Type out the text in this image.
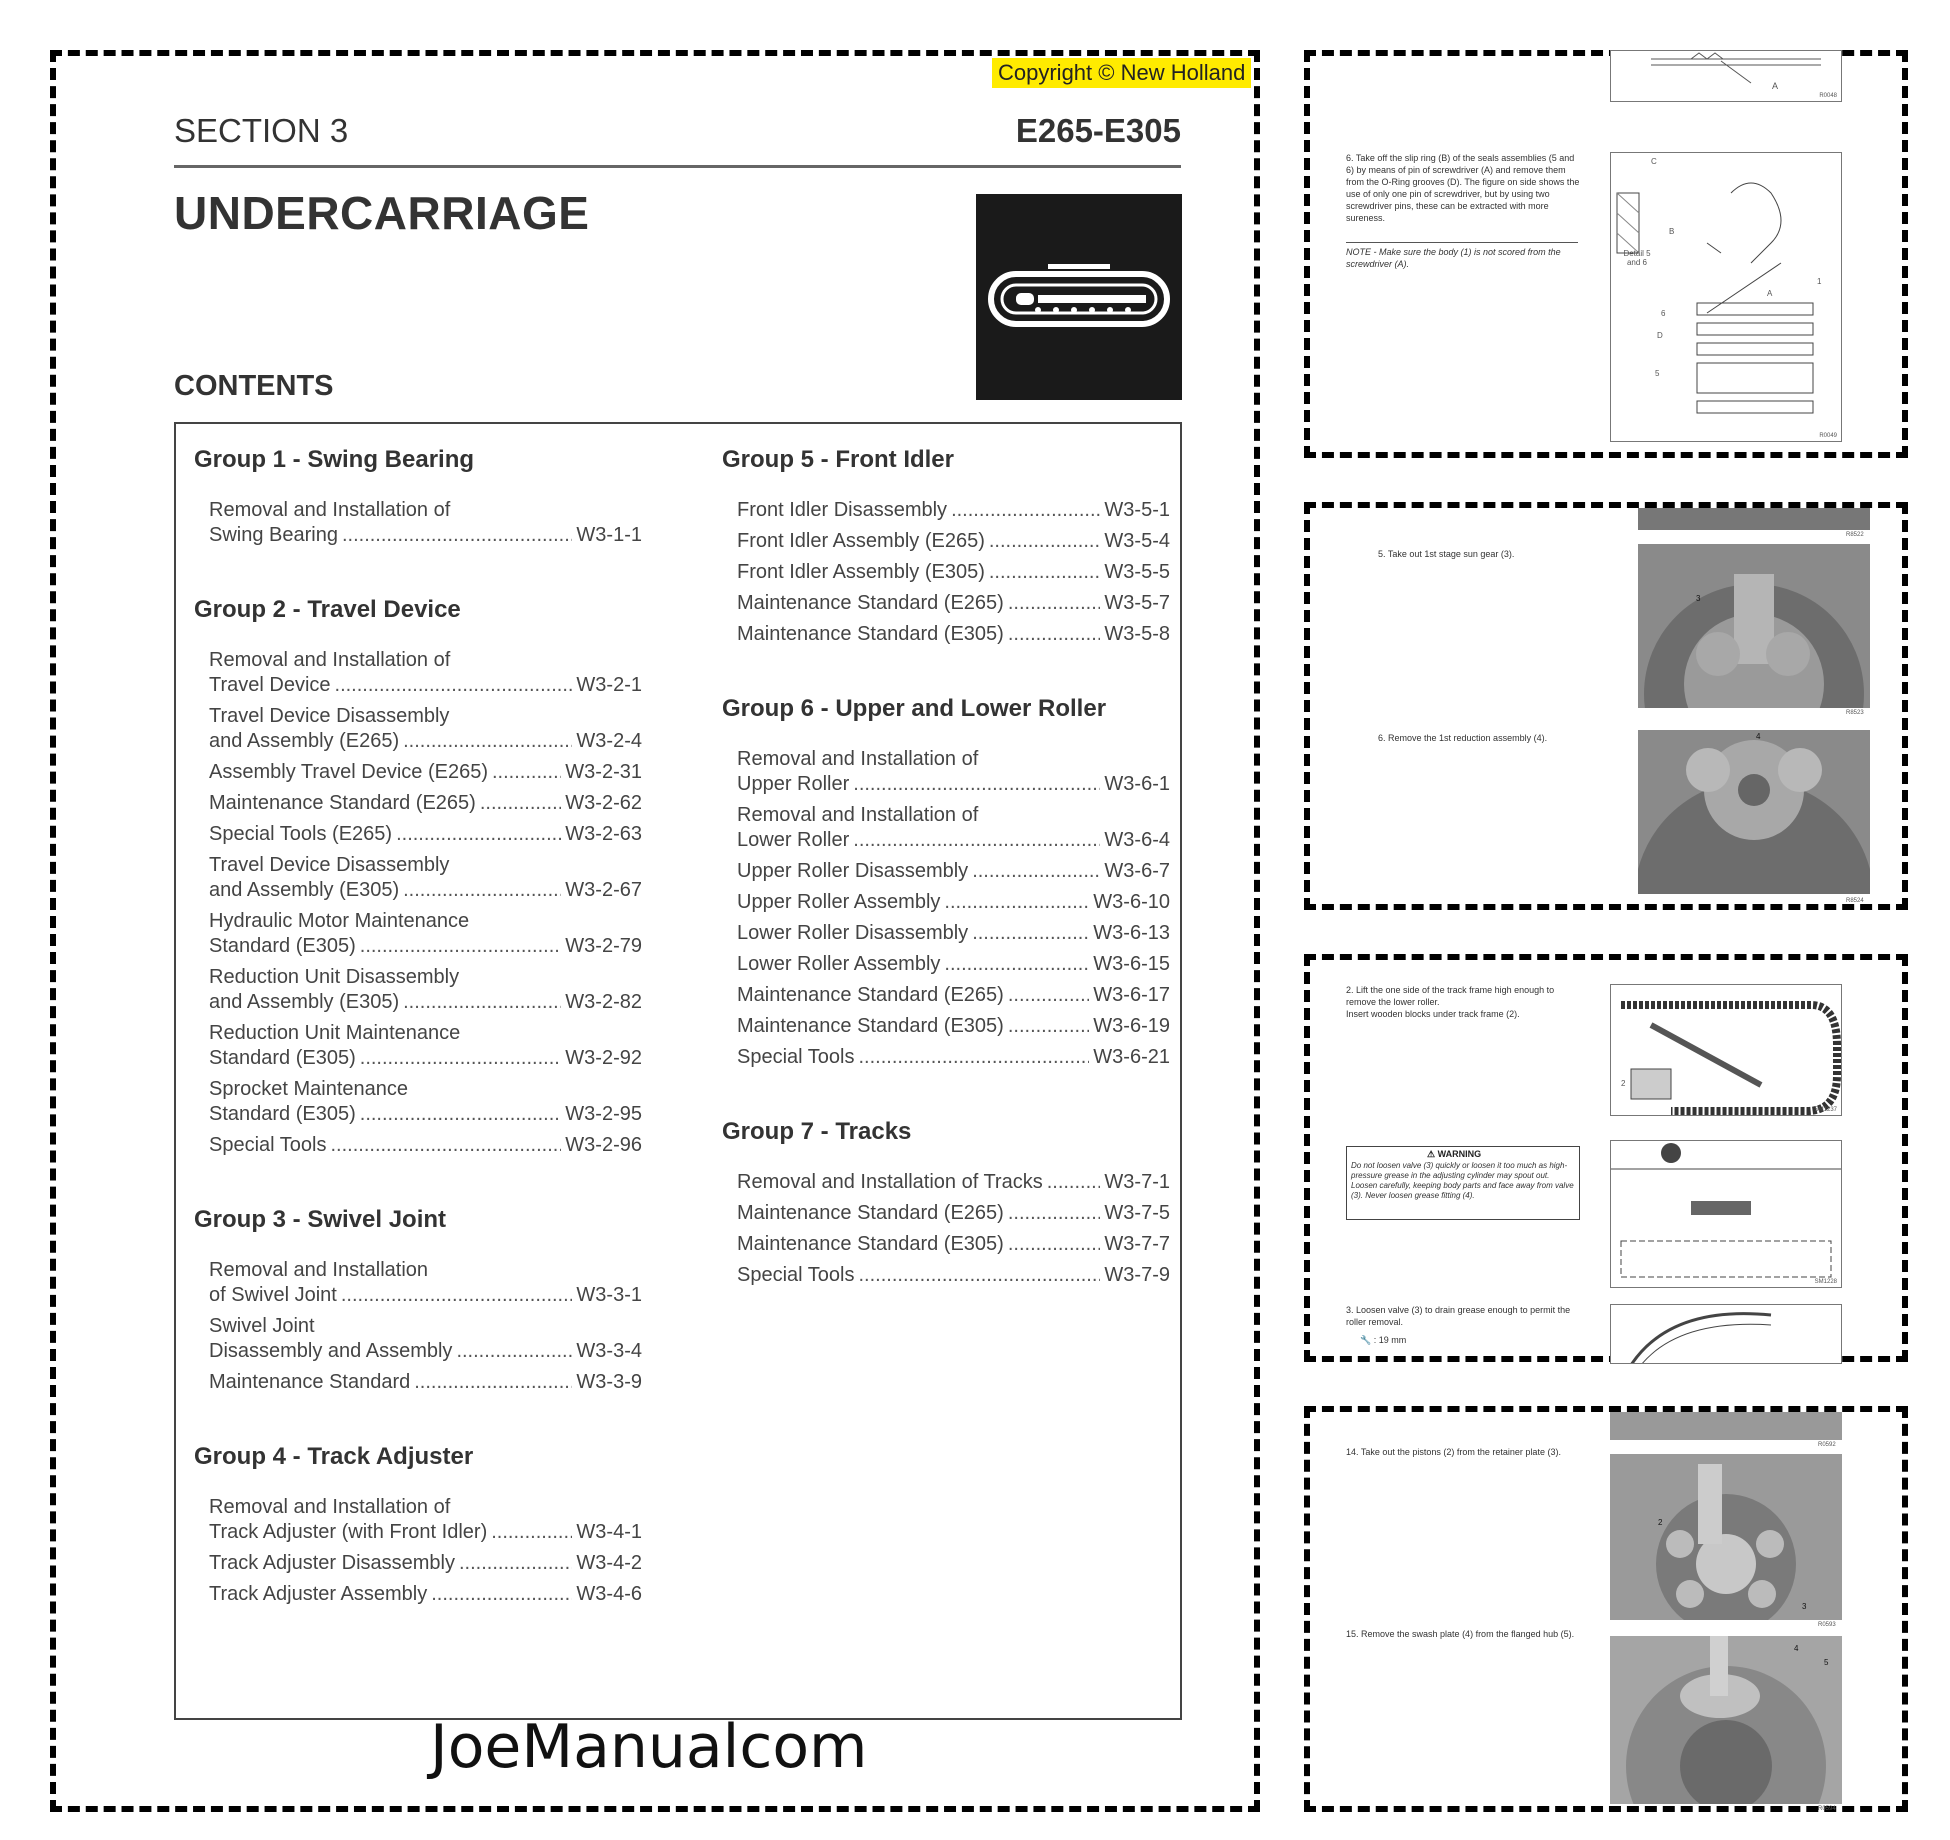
Copyright © New Holland
SECTION 3	E265-E305
UNDERCARRIAGE
CONTENTS
Group 1 - Swing Bearing
Removal and Installation of
Swing Bearing .....	W3-1-1
Group 2 - Travel Device
Removal and Installation of
Travel Device .....	W3-2-1
Travel Device Disassembly
and Assembly (E265) .....	W3-2-4
Assembly Travel Device (E265) .....	W3-2-31
Maintenance Standard (E265) .....	W3-2-62
Special Tools (E265) .....	W3-2-63
Travel Device Disassembly
and Assembly (E305) .....	W3-2-67
Hydraulic Motor Maintenance
Standard (E305) .....	W3-2-79
Reduction Unit Disassembly
and Assembly (E305) .....	W3-2-82
Reduction Unit Maintenance
Standard (E305) .....	W3-2-92
Sprocket Maintenance
Standard (E305) .....	W3-2-95
Special Tools .....	W3-2-96
Group 3 - Swivel Joint
Removal and Installation
of Swivel Joint .....	W3-3-1
Swivel Joint
Disassembly and Assembly .....	W3-3-4
Maintenance Standard .....	W3-3-9
Group 4 - Track Adjuster
Removal and Installation of
Track Adjuster (with Front Idler) .....	W3-4-1
Track Adjuster Disassembly .....	W3-4-2
Track Adjuster Assembly .....	W3-4-6
Group 5 - Front Idler
Front Idler Disassembly .....	W3-5-1
Front Idler Assembly (E265) .....	W3-5-4
Front Idler Assembly (E305) .....	W3-5-5
Maintenance Standard (E265) .....	W3-5-7
Maintenance Standard (E305) .....	W3-5-8
Group 6 - Upper and Lower Roller
Removal and Installation of
Upper Roller .....	W3-6-1
Removal and Installation of
Lower Roller .....	W3-6-4
Upper Roller Disassembly .....	W3-6-7
Upper Roller Assembly .....	W3-6-10
Lower Roller Disassembly .....	W3-6-13
Lower Roller Assembly .....	W3-6-15
Maintenance Standard (E265) .....	W3-6-17
Maintenance Standard (E305) .....	W3-6-19
Special Tools .....	W3-6-21
Group 7 - Tracks
Removal and Installation of Tracks .....	W3-7-1
Maintenance Standard (E265) .....	W3-7-5
Maintenance Standard (E305) .....	W3-7-7
Special Tools .....	W3-7-9
JoeManualcom
A
R0048
6. Take off the slip ring (B) of the seals assemblies (5 and 6) by means of pin of screwdriver (A) and remove them from the O-Ring grooves (D). The figure on side shows the use of only one pin of screwdriver, but by using two screwdriver pins, these can be extracted with more sureness.
NOTE - Make sure the body (1) is not scored from the screwdriver (A).
C
B
A
1
6
D
5
Detail 5 and 6
R0049
R8522
5. Take out 1st stage sun gear (3).
3
R8523
6. Remove the 1st reduction assembly (4).	4
R8524
2. Lift the one side of the track frame high enough to remove the lower roller.
Insert wooden blocks under track frame (2).
2
SM1237
⚠ WARNING
Do not loosen valve (3) quickly or loosen it too much as high-pressure grease in the adjusting cylinder may spout out. Loosen carefully, keeping body parts and face away from valve (3). Never loosen grease fitting (4).
SM1228
3. Loosen valve (3) to drain grease enough to permit the roller removal.
🔧 : 19 mm
R0592
14. Take out the pistons (2) from the retainer plate (3).
2
3
R0593
15. Remove the swash plate (4) from the flanged hub (5).
4
5
R0594
